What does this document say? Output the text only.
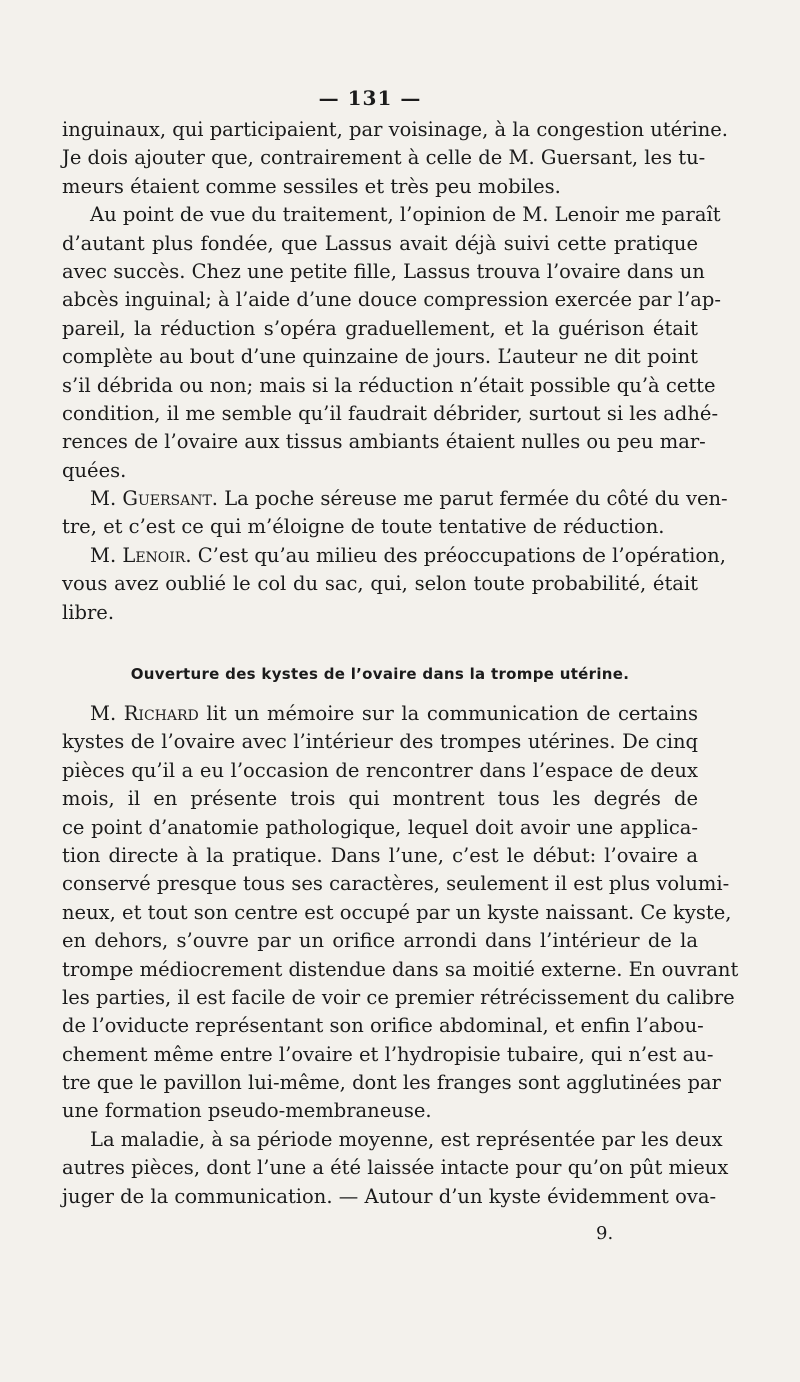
— 131 —
inguinaux, qui participaient, par voisinage, à la congestion utérine.
Je dois ajouter que, contrairement à celle de M. Guersant, les tu-
meurs étaient comme sessiles et très peu mobiles.
Au point de vue du traitement, l’opinion de M. Lenoir me paraît
d’autant plus fondée, que Lassus avait déjà suivi cette pratique
avec succès. Chez une petite fille, Lassus trouva l’ovaire dans un
abcès inguinal; à l’aide d’une douce compression exercée par l’ap-
pareil, la réduction s’opéra graduellement, et la guérison était
complète au bout d’une quinzaine de jours. L’auteur ne dit point
s’il débrida ou non; mais si la réduction n’était possible qu’à cette
condition, il me semble qu’il faudrait débrider, surtout si les adhé-
rences de l’ovaire aux tissus ambiants étaient nulles ou peu mar-
quées.
M. Guersant. La poche séreuse me parut fermée du côté du ven-
tre, et c’est ce qui m’éloigne de toute tentative de réduction.
M. Lenoir. C’est qu’au milieu des préoccupations de l’opération,
vous avez oublié le col du sac, qui, selon toute probabilité, était
libre.
Ouverture des kystes de l’ovaire dans la trompe utérine.
M. Richard lit un mémoire sur la communication de certains
kystes de l’ovaire avec l’intérieur des trompes utérines. De cinq
pièces qu’il a eu l’occasion de rencontrer dans l’espace de deux
mois, il en présente trois qui montrent tous les degrés de
ce point d’anatomie pathologique, lequel doit avoir une applica-
tion directe à la pratique. Dans l’une, c’est le début: l’ovaire a
conservé presque tous ses caractères, seulement il est plus volumi-
neux, et tout son centre est occupé par un kyste naissant. Ce kyste,
en dehors, s’ouvre par un orifice arrondi dans l’intérieur de la
trompe médiocrement distendue dans sa moitié externe. En ouvrant
les parties, il est facile de voir ce premier rétrécissement du calibre
de l’oviducte représentant son orifice abdominal, et enfin l’abou-
chement même entre l’ovaire et l’hydropisie tubaire, qui n’est au-
tre que le pavillon lui-même, dont les franges sont agglutinées par
une formation pseudo-membraneuse.
La maladie, à sa période moyenne, est représentée par les deux
autres pièces, dont l’une a été laissée intacte pour qu’on pût mieux
juger de la communication. — Autour d’un kyste évidemment ova-
9.
